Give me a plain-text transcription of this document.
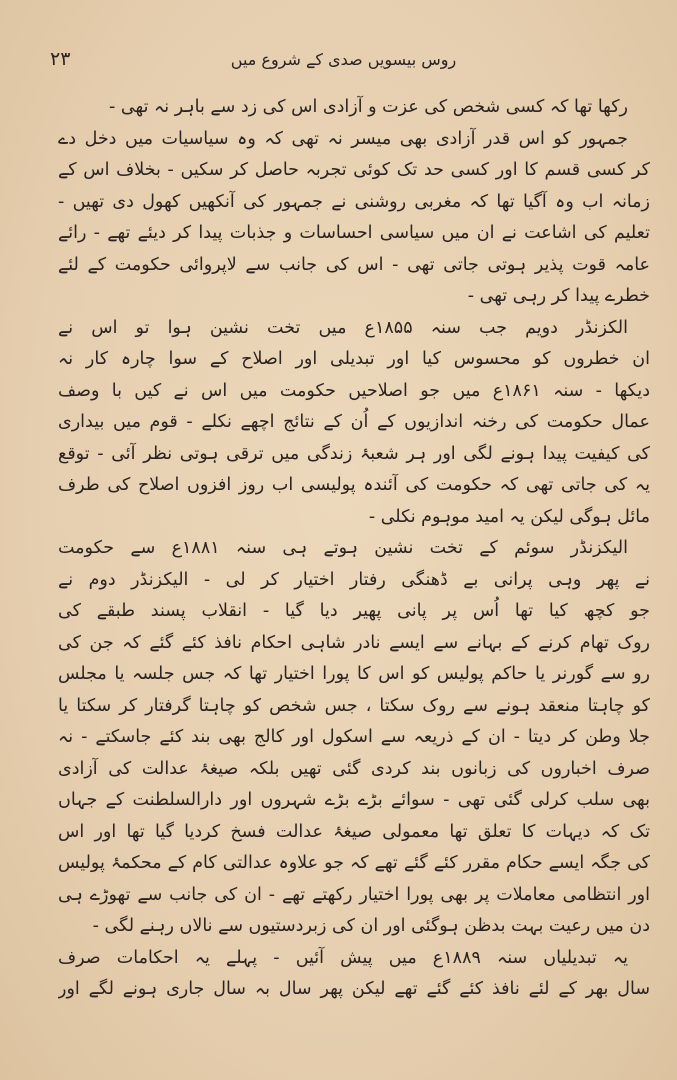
۲۳	روس بیسویں صدی کے شروع میں
رکھا تھا کہ کسی شخص کی عزت و آزادی اس کی زد سے باہر نہ تھی -
جمہور کو اس قدر آزادی بھی میسر نہ تھی کہ وہ سیاسیات میں دخل دے
کر کسی قسم کا اور کسی حد تک کوئی تجربہ حاصل کر سکیں - بخلاف اس کے
زمانہ اب وہ آگیا تھا کہ مغربی روشنی نے جمہور کی آنکھیں کھول دی تھیں -
تعلیم کی اشاعت نے ان میں سیاسی احساسات و جذبات پیدا کر دیئے تھے - رائے
عامہ قوت پذیر ہوتی جاتی تھی - اس کی جانب سے لاپروائی حکومت کے لئے
خطرے پیدا کر رہی تھی -
الکزنڈر دویم جب سنہ ۱۸۵۵ع میں تخت نشین ہوا تو اس نے
ان خطروں کو محسوس کیا اور تبدیلی اور اصلاح کے سوا چارہ کار نہ
دیکھا - سنہ ۱۸۶۱ع میں جو اصلاحیں حکومت میں اس نے کیں با وصف
عمال حکومت کی رخنہ اندازیوں کے اُن کے نتائج اچھے نکلے - قوم میں بیداری
کی کیفیت پیدا ہونے لگی اور ہر شعبۂ زندگی میں ترقی ہوتی نظر آئی - توقع
یہ کی جاتی تھی کہ حکومت کی آئندہ پولیسی اب روز افزوں اصلاح کی طرف
مائل ہوگی لیکن یہ امید موہوم نکلی -
الیکزنڈر سوئم کے تخت نشین ہوتے ہی سنہ ۱۸۸۱ع سے حکومت
نے پھر وہی پرانی بے ڈھنگی رفتار اختیار کر لی - الیکزنڈر دوم نے
جو کچھ کیا تھا اُس پر پانی پھیر دیا گیا - انقلاب پسند طبقے کی
روک تھام کرنے کے بہانے سے ایسے نادر شاہی احکام نافذ کئے گئے کہ جن کی
رو سے گورنر یا حاکم پولیس کو اس کا پورا اختیار تھا کہ جس جلسہ یا مجلس
کو چاہتا منعقد ہونے سے روک سکتا ، جس شخص کو چاہتا گرفتار کر سکتا یا
جلا وطن کر دیتا - ان کے ذریعہ سے اسکول اور کالج بھی بند کئے جاسکتے - نہ
صرف اخباروں کی زبانوں بند کردی گئی تھیں بلکہ صیغۂ عدالت کی آزادی
بھی سلب کرلی گئی تھی - سوائے بڑے بڑے شہروں اور دارالسلطنت کے جہاں
تک کہ دیہات کا تعلق تھا معمولی صیغۂ عدالت فسخ کردیا گیا تھا اور اس
کی جگہ ایسے حکام مقرر کئے گئے تھے کہ جو علاوہ عدالتی کام کے محکمۂ پولیس
اور انتظامی معاملات پر بھی پورا اختیار رکھتے تھے - ان کی جانب سے تھوڑے ہی
دن میں رعیت بہت بدظن ہوگئی اور ان کی زبردستیوں سے نالاں رہنے لگی -
یہ تبدیلیاں سنہ ۱۸۸۹ع میں پیش آئیں - پہلے یہ احکامات صرف
سال بھر کے لئے نافذ کئے گئے تھے لیکن پھر سال بہ سال جاری ہونے لگے اور
